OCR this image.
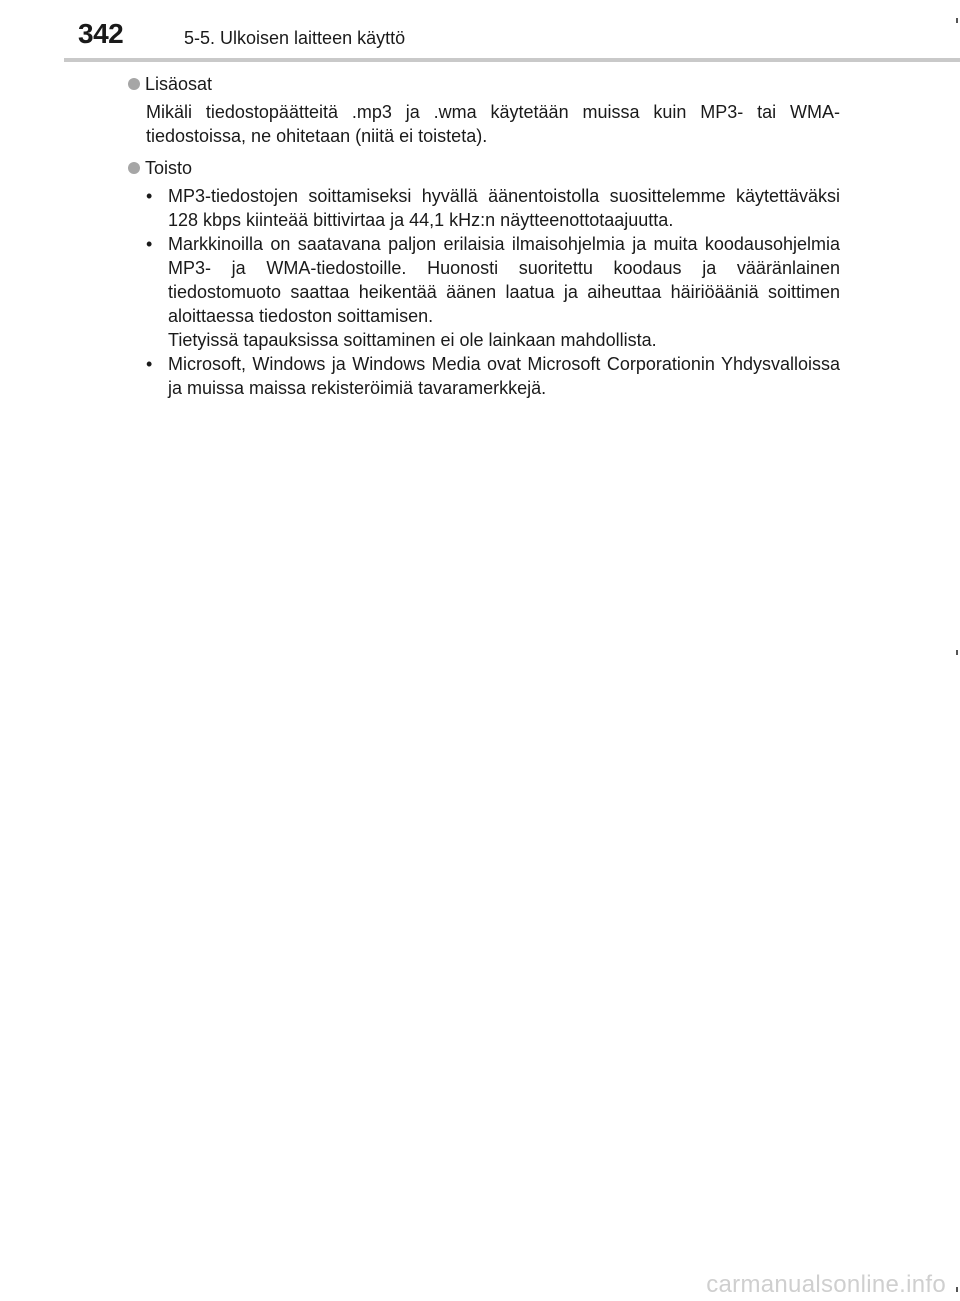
342	5-5. Ulkoisen laitteen käyttö
Lisäosat
Mikäli tiedostopäätteitä .mp3 ja .wma käytetään muissa kuin MP3- tai WMA-tiedostoissa, ne ohitetaan (niitä ei toisteta).
Toisto
• MP3-tiedostojen soittamiseksi hyvällä äänentoistolla suosittelemme käytettäväksi 128 kbps kiinteää bittivirtaa ja 44,1 kHz:n näytteenottotaajuutta.
• Markkinoilla on saatavana paljon erilaisia ilmaisohjelmia ja muita koodausohjelmia MP3- ja WMA-tiedostoille. Huonosti suoritettu koodaus ja vääränlainen tiedostomuoto saattaa heikentää äänen laatua ja aiheuttaa häiriöääniä soittimen aloittaessa tiedoston soittamisen.
Tietyissä tapauksissa soittaminen ei ole lainkaan mahdollista.
• Microsoft, Windows ja Windows Media ovat Microsoft Corporationin Yhdysvalloissa ja muissa maissa rekisteröimiä tavaramerkkejä.
carmanualsonline.info
